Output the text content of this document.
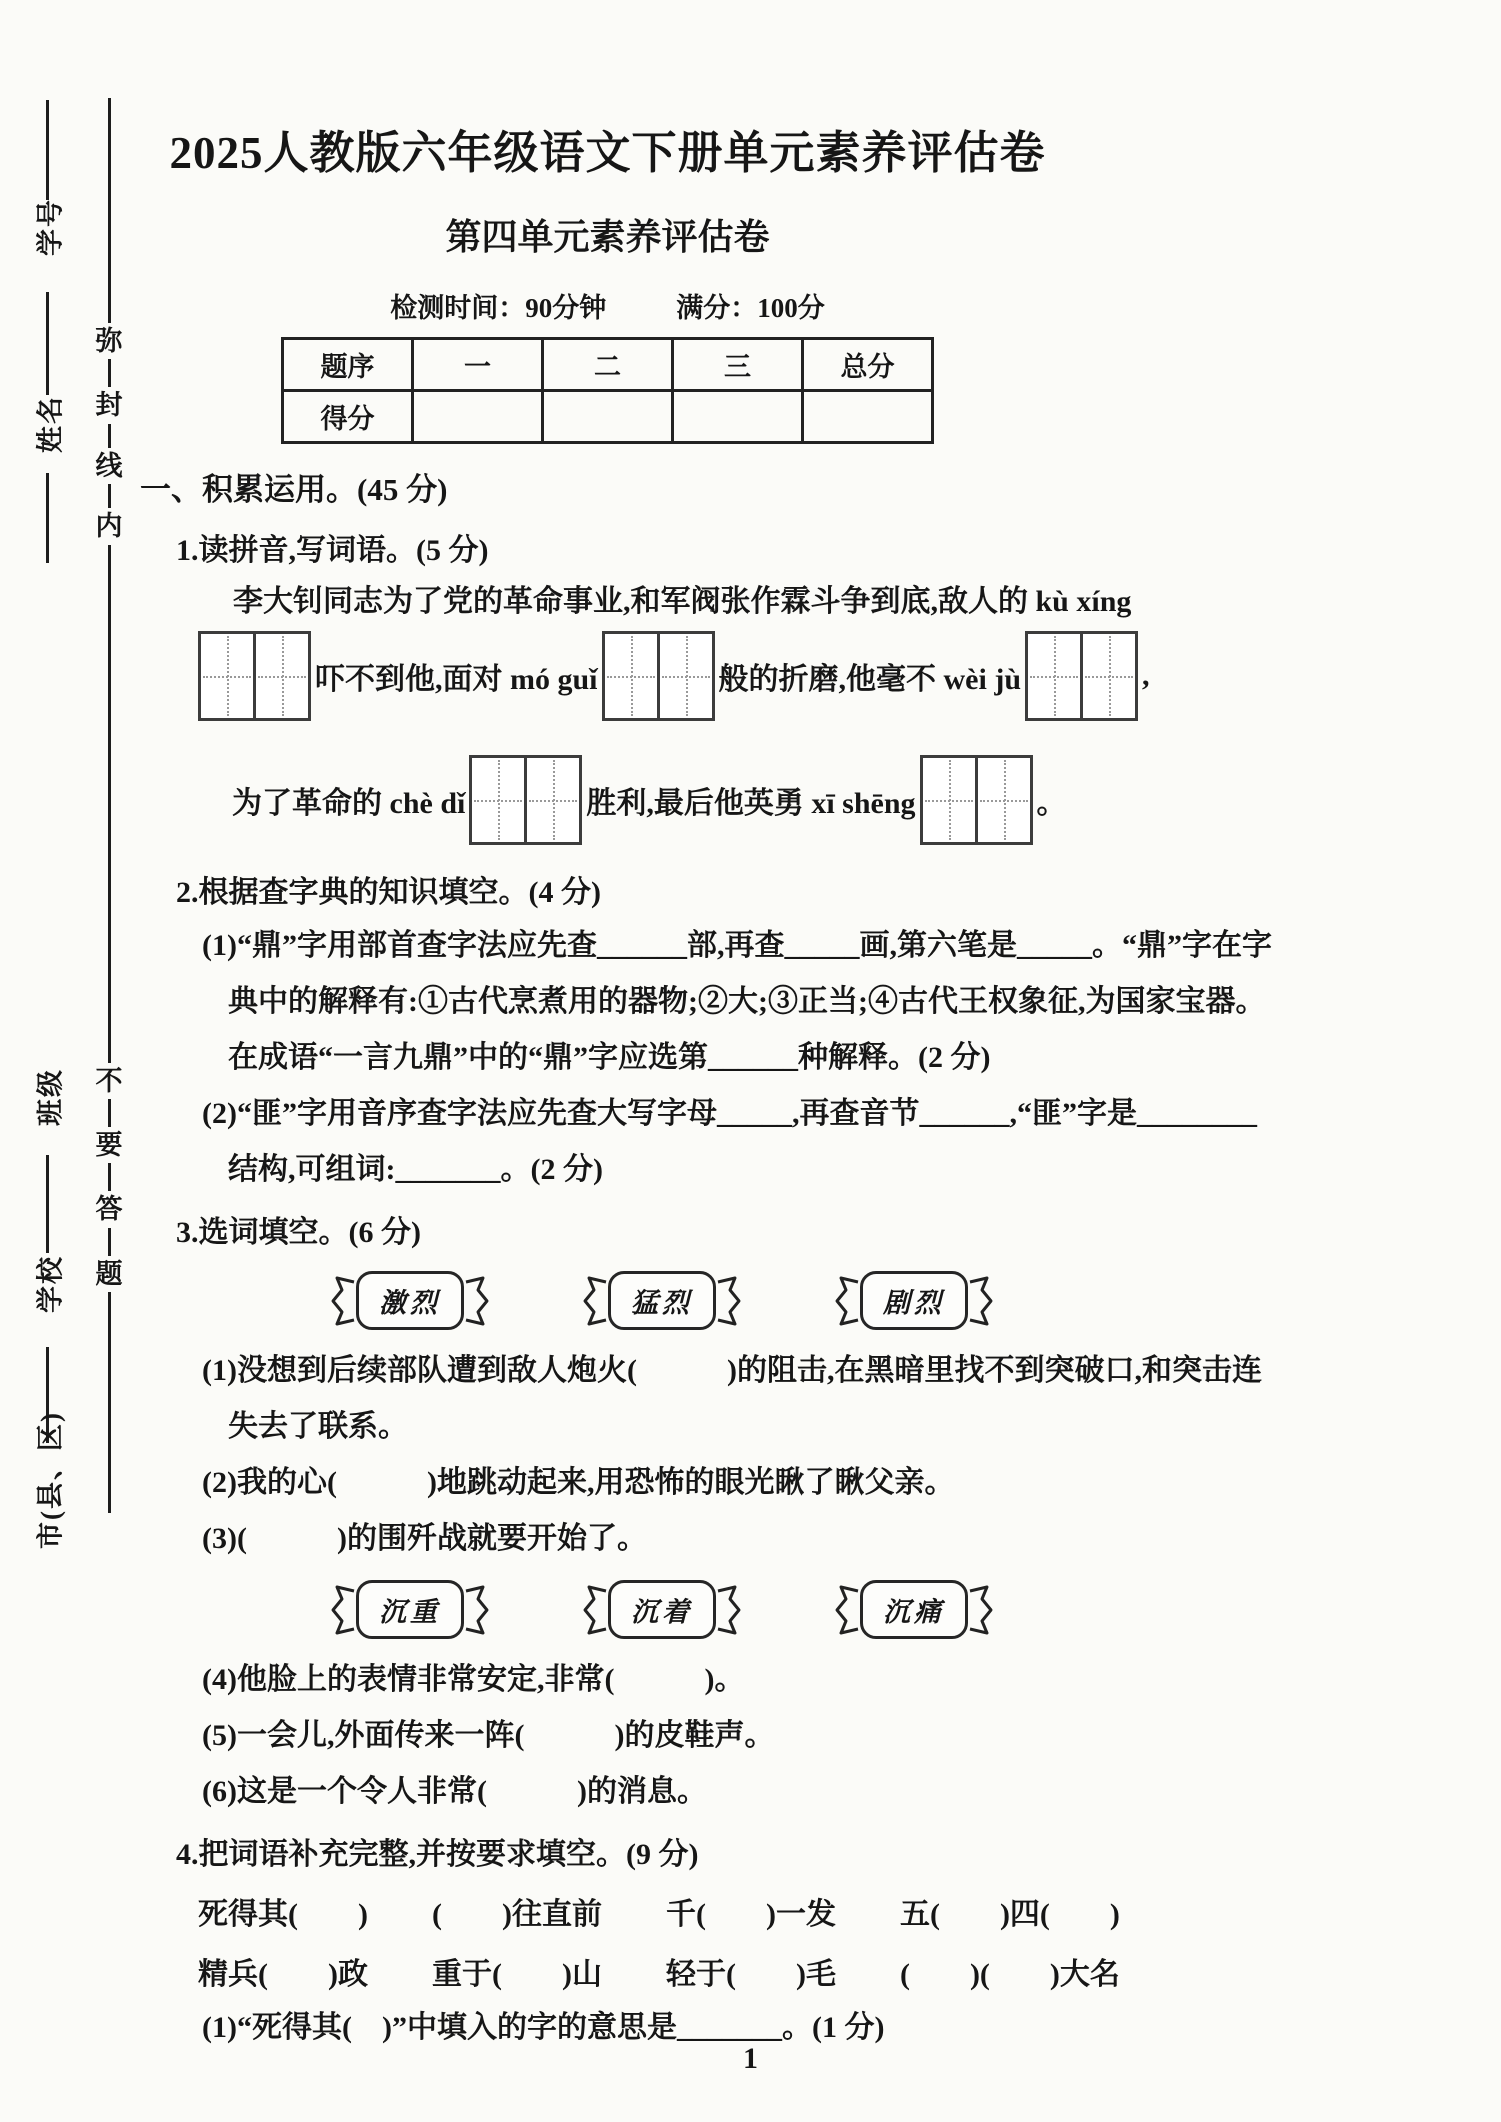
学号
姓名
班级
学校
市(县、区)
弥
封
线
内
不
要
答
题
2025人教版六年级语文下册单元素养评估卷
第四单元素养评估卷
检测时间：90分钟	满分：100分
题序	一	二	三	总分
得分				
一、积累运用。(45 分)
1.读拼音,写词语。(5 分)
李大钊同志为了党的革命事业,和军阀张作霖斗争到底,敌人的 kù xíng
吓不到他,面对 mó guǐ	般的折磨,他毫不 wèi jù	,
为了革命的 chè dǐ	胜利,最后他英勇 xī shēng	。
2.根据查字典的知识填空。(4 分)
(1)“鼎”字用部首查字法应先查______部,再查_____画,第六笔是_____。“鼎”字在字
典中的解释有:①古代烹煮用的器物;②大;③正当;④古代王权象征,为国家宝器。
在成语“一言九鼎”中的“鼎”字应选第______种解释。(2 分)
(2)“匪”字用音序查字法应先查大写字母_____,再查音节______,“匪”字是________
结构,可组词:_______。(2 分)
3.选词填空。(6 分)
激烈	猛烈	剧烈
(1)没想到后续部队遭到敌人炮火(　　　)的阻击,在黑暗里找不到突破口,和突击连
失去了联系。
(2)我的心(　　　)地跳动起来,用恐怖的眼光瞅了瞅父亲。
(3)(　　　)的围歼战就要开始了。
沉重	沉着	沉痛
(4)他脸上的表情非常安定,非常(　　　)。
(5)一会儿,外面传来一阵(　　　)的皮鞋声。
(6)这是一个令人非常(　　　)的消息。
4.把词语补充完整,并按要求填空。(9 分)
死得其(　　) (　　)往直前 千(　　)一发 五(　　)四(　　)
精兵(　　)政 重于(　　)山 轻于(　　)毛 (　　)(　　)大名
(1)“死得其(　)”中填入的字的意思是_______。(1 分)
1
